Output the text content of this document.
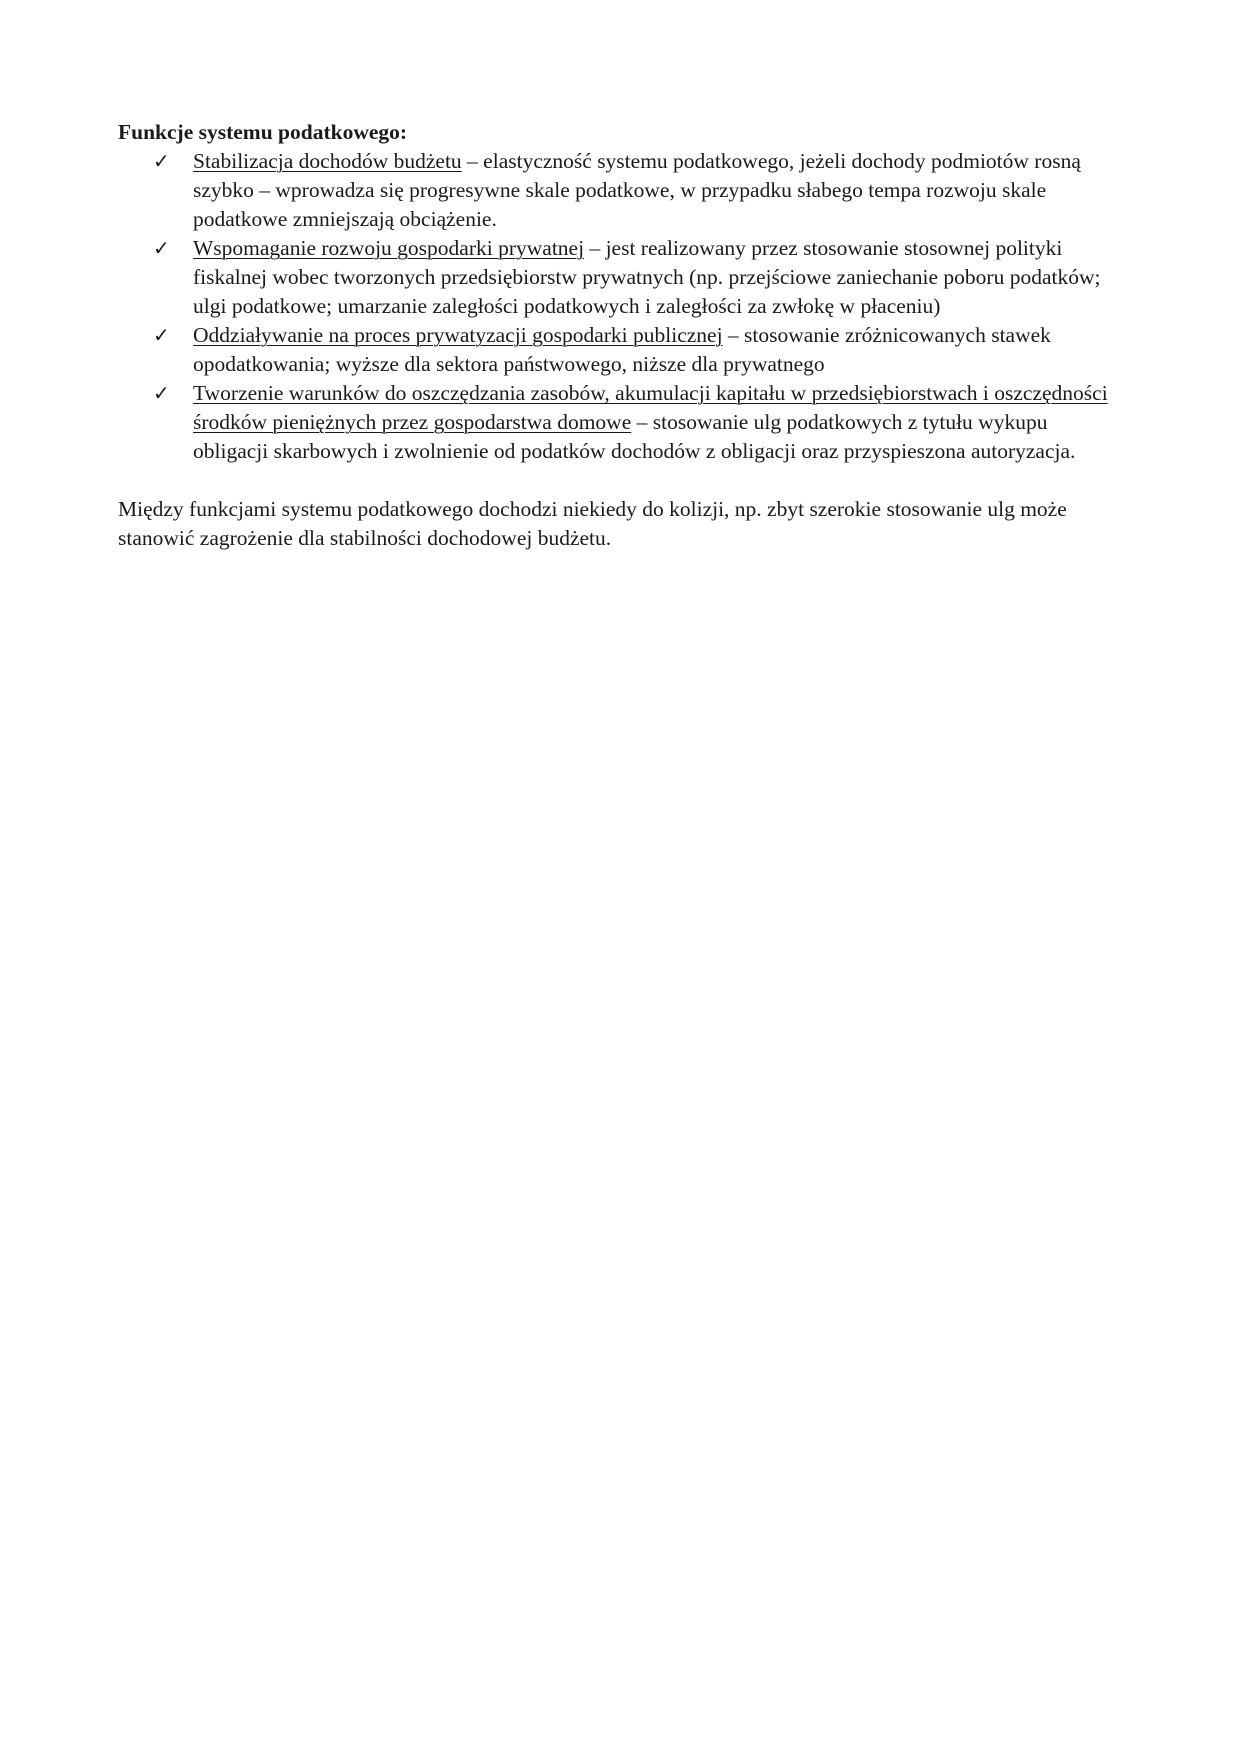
Funkcje systemu podatkowego:

✓ Stabilizacja dochodów budżetu – elastyczność systemu podatkowego, jeżeli dochody podmiotów rosną szybko – wprowadza się progresywne skale podatkowe, w przypadku słabego tempa rozwoju skale podatkowe zmniejszają obciążenie.
✓ Wspomaganie rozwoju gospodarki prywatnej – jest realizowany przez stosowanie stosownej polityki fiskalnej wobec tworzonych przedsiębiorstw prywatnych (np. przejściowe zaniechanie poboru podatków; ulgi podatkowe; umarzanie zaległości podatkowych i zaległości za zwłokę w płaceniu)
✓ Oddziaływanie na proces prywatyzacji gospodarki publicznej – stosowanie zróżnicowanych stawek opodatkowania; wyższe dla sektora państwowego, niższe dla prywatnego
✓ Tworzenie warunków do oszczędzania zasobów, akumulacji kapitału w przedsiębiorstwach i oszczędności środków pieniężnych przez gospodarstwa domowe – stosowanie ulg podatkowych z tytułu wykupu obligacji skarbowych i zwolnienie od podatków dochodów z obligacji oraz przyspieszona autoryzacja.

Między funkcjami systemu podatkowego dochodzi niekiedy do kolizji, np. zbyt szerokie stosowanie ulg może stanowić zagrożenie dla stabilności dochodowej budżetu.
